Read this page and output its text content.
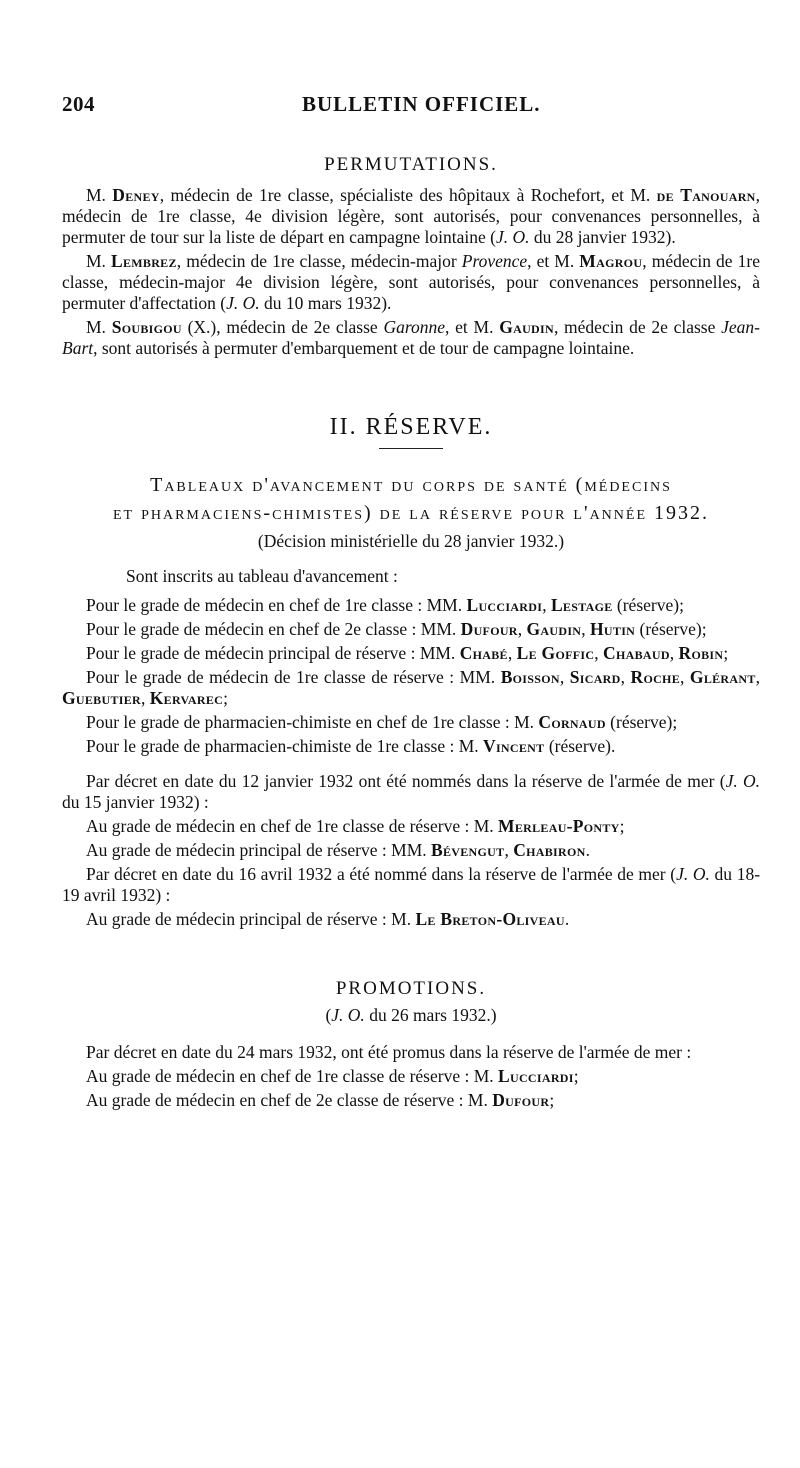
204	BULLETIN OFFICIEL.
PERMUTATIONS.

M. Deney, médecin de 1re classe, spécialiste des hôpitaux à Rochefort, et M. de Tanouarn, médecin de 1re classe, 4e division légère, sont autorisés, pour convenances personnelles, à permuter de tour sur la liste de départ en campagne lointaine (J. O. du 28 janvier 1932).

M. Lembrez, médecin de 1re classe, médecin-major Provence, et M. Magrou, médecin de 1re classe, médecin-major 4e division légère, sont autorisés, pour convenances personnelles, à permuter d'affectation (J. O. du 10 mars 1932).

M. Soubigou (X.), médecin de 2e classe Garonne, et M. Gaudin, médecin de 2e classe Jean-Bart, sont autorisés à permuter d'embarquement et de tour de campagne lointaine.

II. RÉSERVE.
Tableaux d'avancement du corps de santé (médecins
et pharmaciens-chimistes) de la réserve pour l'année 1932.
(Décision ministérielle du 28 janvier 1932.)
Sont inscrits au tableau d'avancement :

Pour le grade de médecin en chef de 1re classe : MM. Lucciardi, Lestage (réserve);

Pour le grade de médecin en chef de 2e classe : MM. Dufour, Gaudin, Hutin (réserve);

Pour le grade de médecin principal de réserve : MM. Chabé, Le Goffic, Chabaud, Robin;

Pour le grade de médecin de 1re classe de réserve : MM. Boisson, Sicard, Roche, Glérant, Guebutier, Kervarec;

Pour le grade de pharmacien-chimiste en chef de 1re classe : M. Cornaud (réserve);

Pour le grade de pharmacien-chimiste de 1re classe : M. Vincent (réserve).

Par décret en date du 12 janvier 1932 ont été nommés dans la réserve de l'armée de mer (J. O. du 15 janvier 1932) :

Au grade de médecin en chef de 1re classe de réserve : M. Merleau-Ponty;

Au grade de médecin principal de réserve : MM. Bévengut, Chabiron.

Par décret en date du 16 avril 1932 a été nommé dans la réserve de l'armée de mer (J. O. du 18-19 avril 1932) :

Au grade de médecin principal de réserve : M. Le Breton-Oliveau.

PROMOTIONS.
(J. O. du 26 mars 1932.)

Par décret en date du 24 mars 1932, ont été promus dans la réserve de l'armée de mer :

Au grade de médecin en chef de 1re classe de réserve : M. Lucciardi;

Au grade de médecin en chef de 2e classe de réserve : M. Dufour;
